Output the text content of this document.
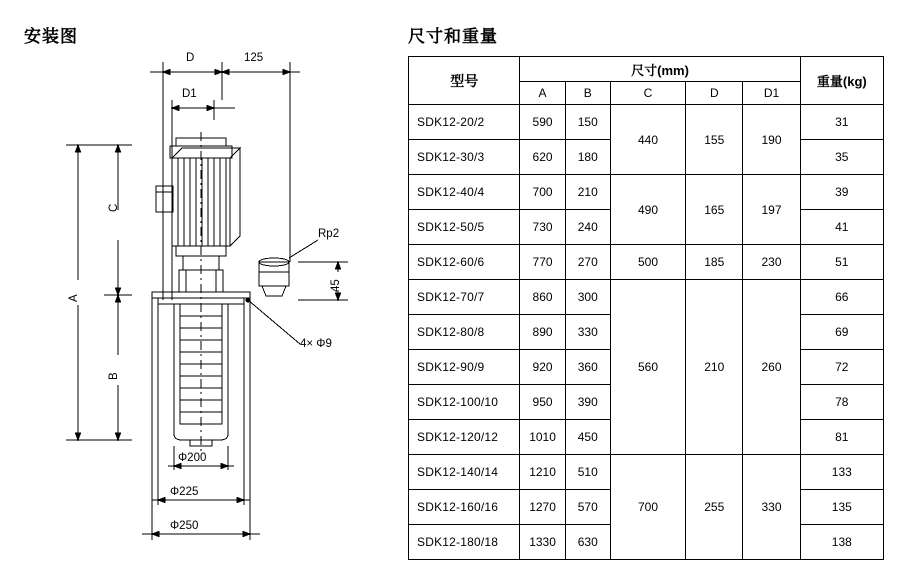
安装图	尺寸和重量
D	125
D1
C
B
A
Rp2
4× Φ9
45
Φ200
Φ225
Φ250
型号	尺寸(mm)					重量(kg)
	A	B	C	D	D1	
SDK12-20/2	590	150	440	155	190	31
SDK12-30/3	620	180				35
SDK12-40/4	700	210	490	165	197	39
SDK12-50/5	730	240				41
SDK12-60/6	770	270	500	185	230	51
SDK12-70/7	860	300	560	210	260	66
SDK12-80/8	890	330				69
SDK12-90/9	920	360				72
SDK12-100/10	950	390				78
SDK12-120/12	1010	450				81
SDK12-140/14	1210	510	700	255	330	133
SDK12-160/16	1270	570				135
SDK12-180/18	1330	630				138
